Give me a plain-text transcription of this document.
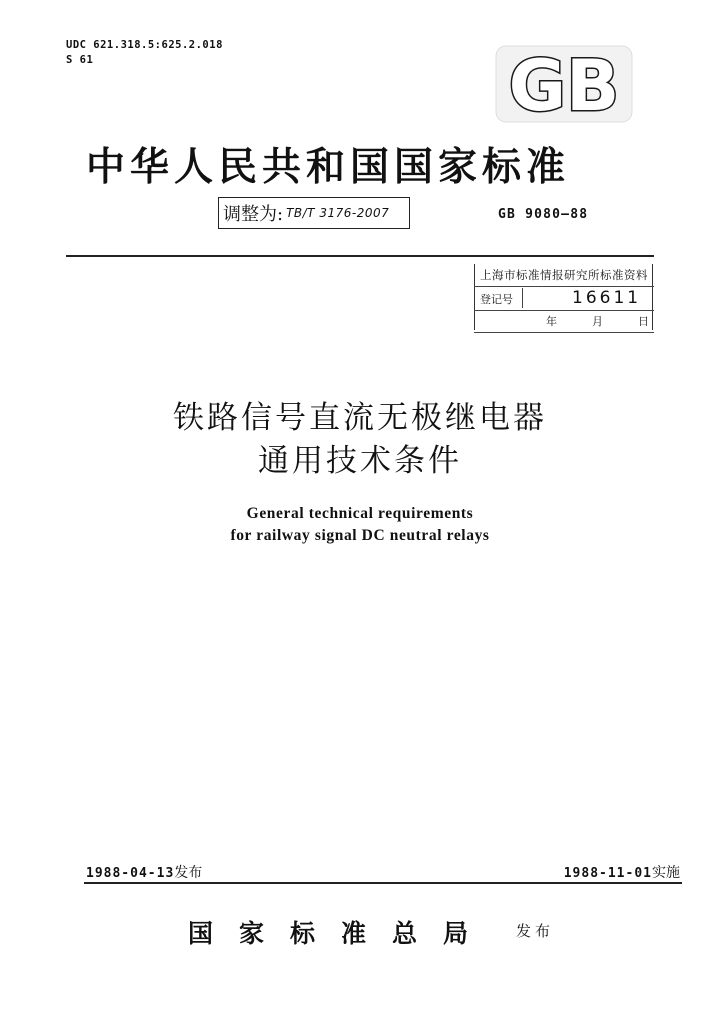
UDC 621.318.5:625.2.018
S 61	GB
中华人民共和国国家标准
调整为: TB/T 3176-2007	GB 9080—88
上海市标准情报研究所标准资料
登记号	16611
年	月	日
铁路信号直流无极继电器
通用技术条件
General technical requirements
for railway signal DC neutral relays
1988-04-13发布	1988-11-01实施
国家标准总局 发布
